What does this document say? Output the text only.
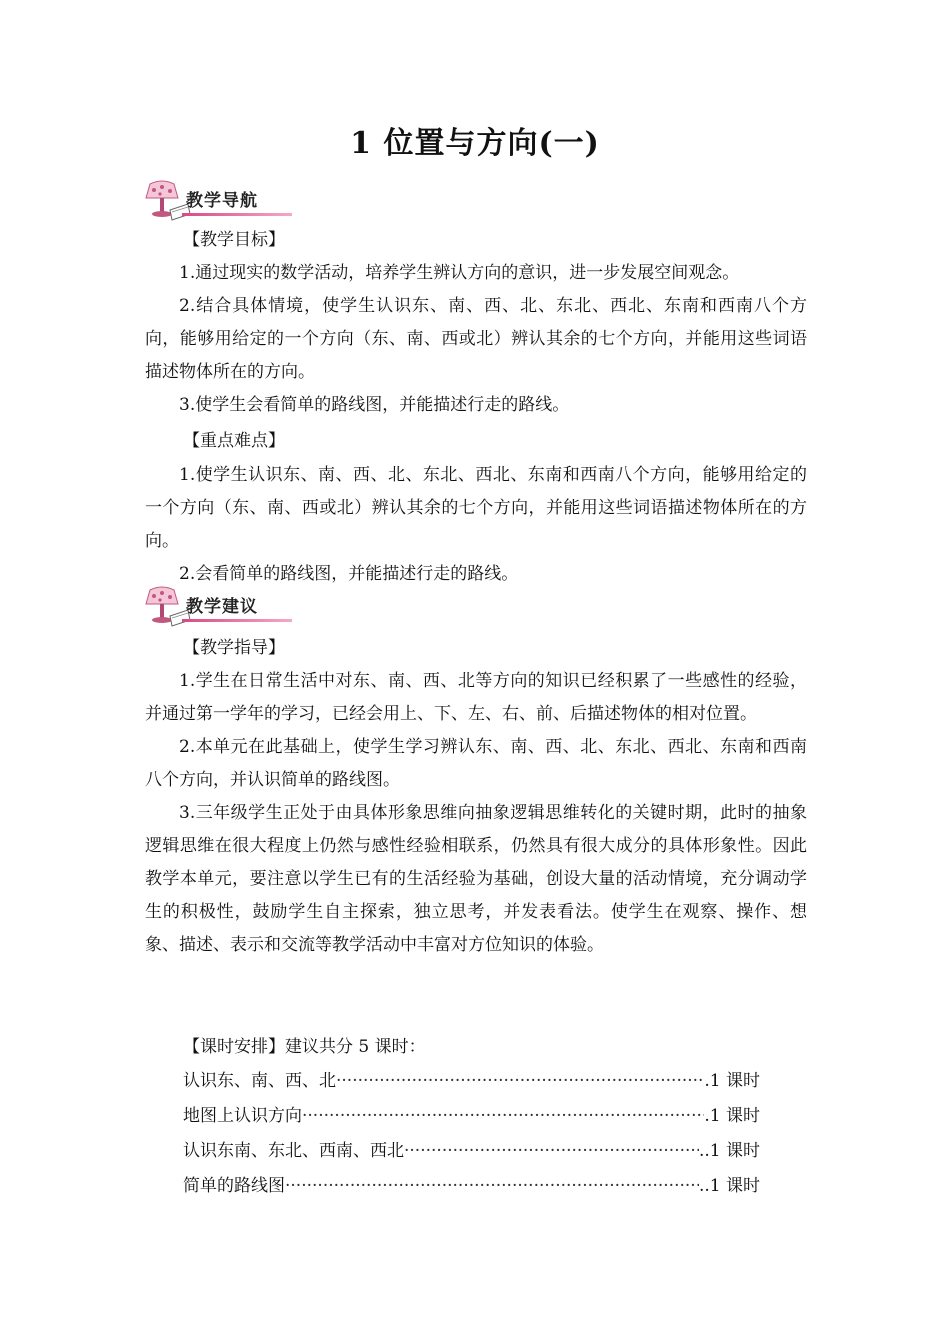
1 位置与方向(一)
教学导航
【教学目标】

1.通过现实的数学活动，培养学生辨认方向的意识，进一步发展空间观念。

2.结合具体情境，使学生认识东、南、西、北、东北、西北、东南和西南八个方向，能够用给定的一个方向（东、南、西或北）辨认其余的七个方向，并能用这些词语描述物体所在的方向。

3.使学生会看简单的路线图，并能描述行走的路线。

【重点难点】

1.使学生认识东、南、西、北、东北、西北、东南和西南八个方向，能够用给定的一个方向（东、南、西或北）辨认其余的七个方向，并能用这些词语描述物体所在的方向。

2.会看简单的路线图，并能描述行走的路线。

教学建议
【教学指导】

1.学生在日常生活中对东、南、西、北等方向的知识已经积累了一些感性的经验，并通过第一学年的学习，已经会用上、下、左、右、前、后描述物体的相对位置。

2.本单元在此基础上，使学生学习辨认东、南、西、北、东北、西北、东南和西南八个方向，并认识简单的路线图。

3.三年级学生正处于由具体形象思维向抽象逻辑思维转化的关键时期，此时的抽象逻辑思维在很大程度上仍然与感性经验相联系，仍然具有很大成分的具体形象性。因此教学本单元，要注意以学生已有的生活经验为基础，创设大量的活动情境，充分调动学生的积极性，鼓励学生自主探索，独立思考，并发表看法。使学生在观察、操作、想象、描述、表示和交流等教学活动中丰富对方位知识的体验。

【课时安排】建议共分 5 课时：
认识东、南、西、北 ·····	.1 课时
地图上认识方向 ·····	.1 课时
认识东南、东北、西南、西北 ·····	..1 课时
简单的路线图 ·····	..1 课时
